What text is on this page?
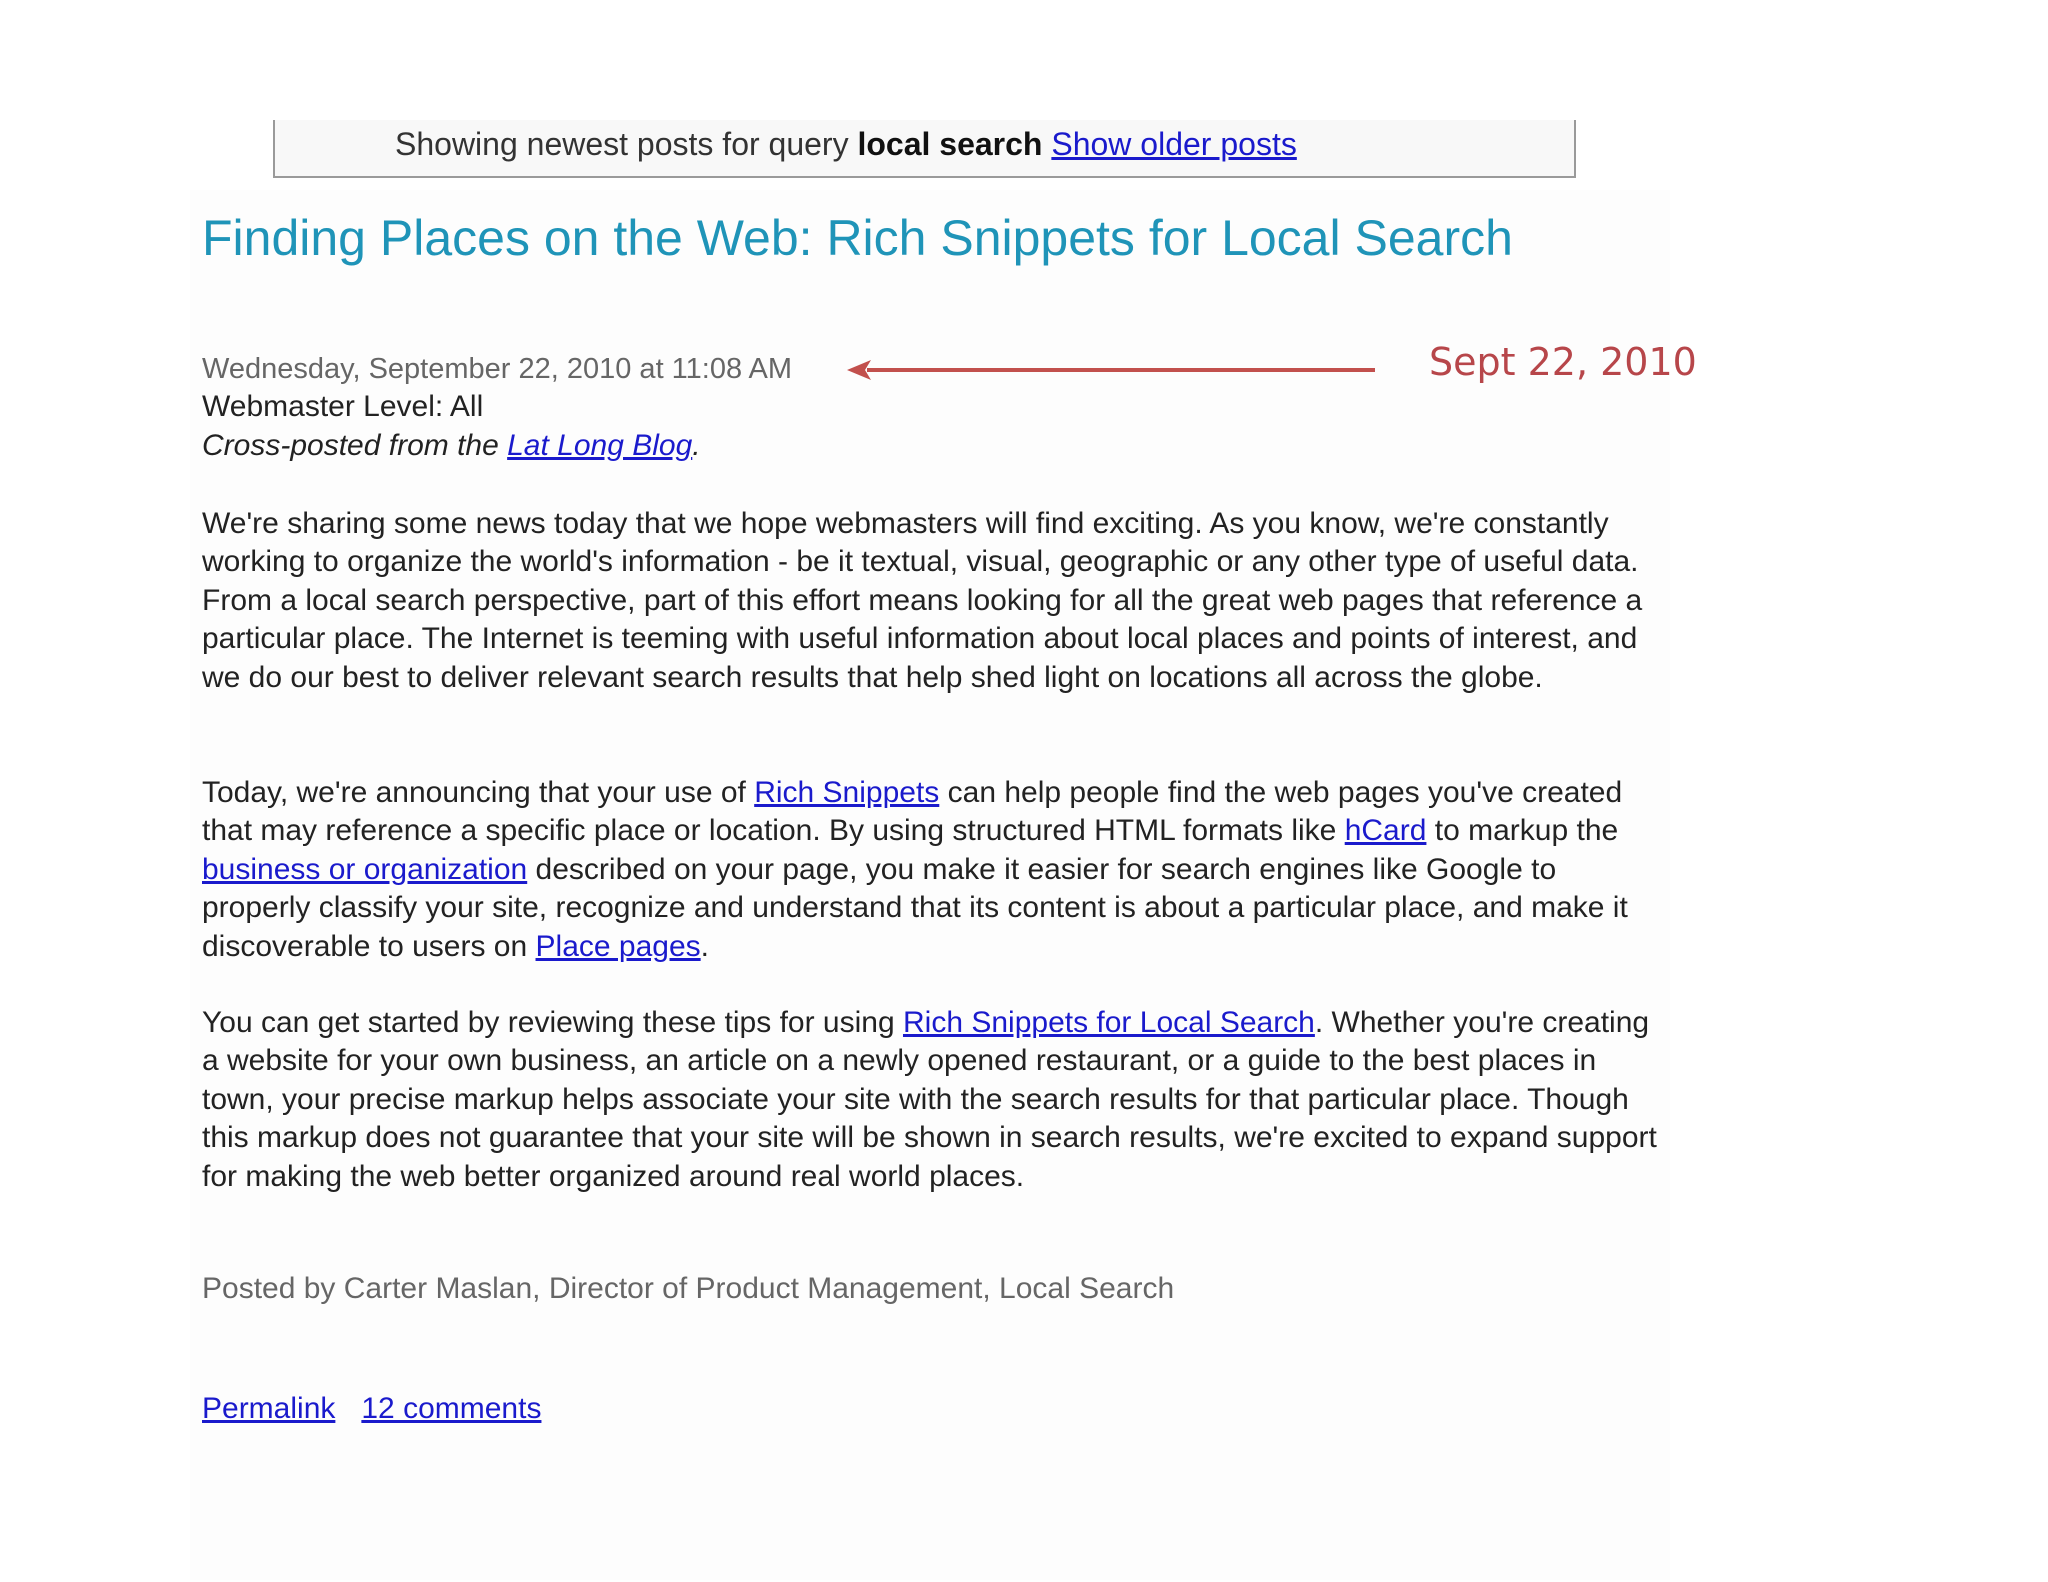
Showing newest posts for query local search Show older posts
Finding Places on the Web: Rich Snippets for Local Search
Wednesday, September 22, 2010 at 11:08 AM	Sept 22, 2010
Webmaster Level: All
Cross-posted from the Lat Long Blog.

We're sharing some news today that we hope webmasters will find exciting. As you know, we're constantly working to organize the world's information - be it textual, visual, geographic or any other type of useful data. From a local search perspective, part of this effort means looking for all the great web pages that reference a particular place. The Internet is teeming with useful information about local places and points of interest, and we do our best to deliver relevant search results that help shed light on locations all across the globe.

Today, we're announcing that your use of Rich Snippets can help people find the web pages you've created that may reference a specific place or location. By using structured HTML formats like hCard to markup the business or organization described on your page, you make it easier for search engines like Google to properly classify your site, recognize and understand that its content is about a particular place, and make it discoverable to users on Place pages.

You can get started by reviewing these tips for using Rich Snippets for Local Search. Whether you're creating a website for your own business, an article on a newly opened restaurant, or a guide to the best places in town, your precise markup helps associate your site with the search results for that particular place. Though this markup does not guarantee that your site will be shown in search results, we're excited to expand support for making the web better organized around real world places.

Posted by Carter Maslan, Director of Product Management, Local Search
Permalink 12 comments
